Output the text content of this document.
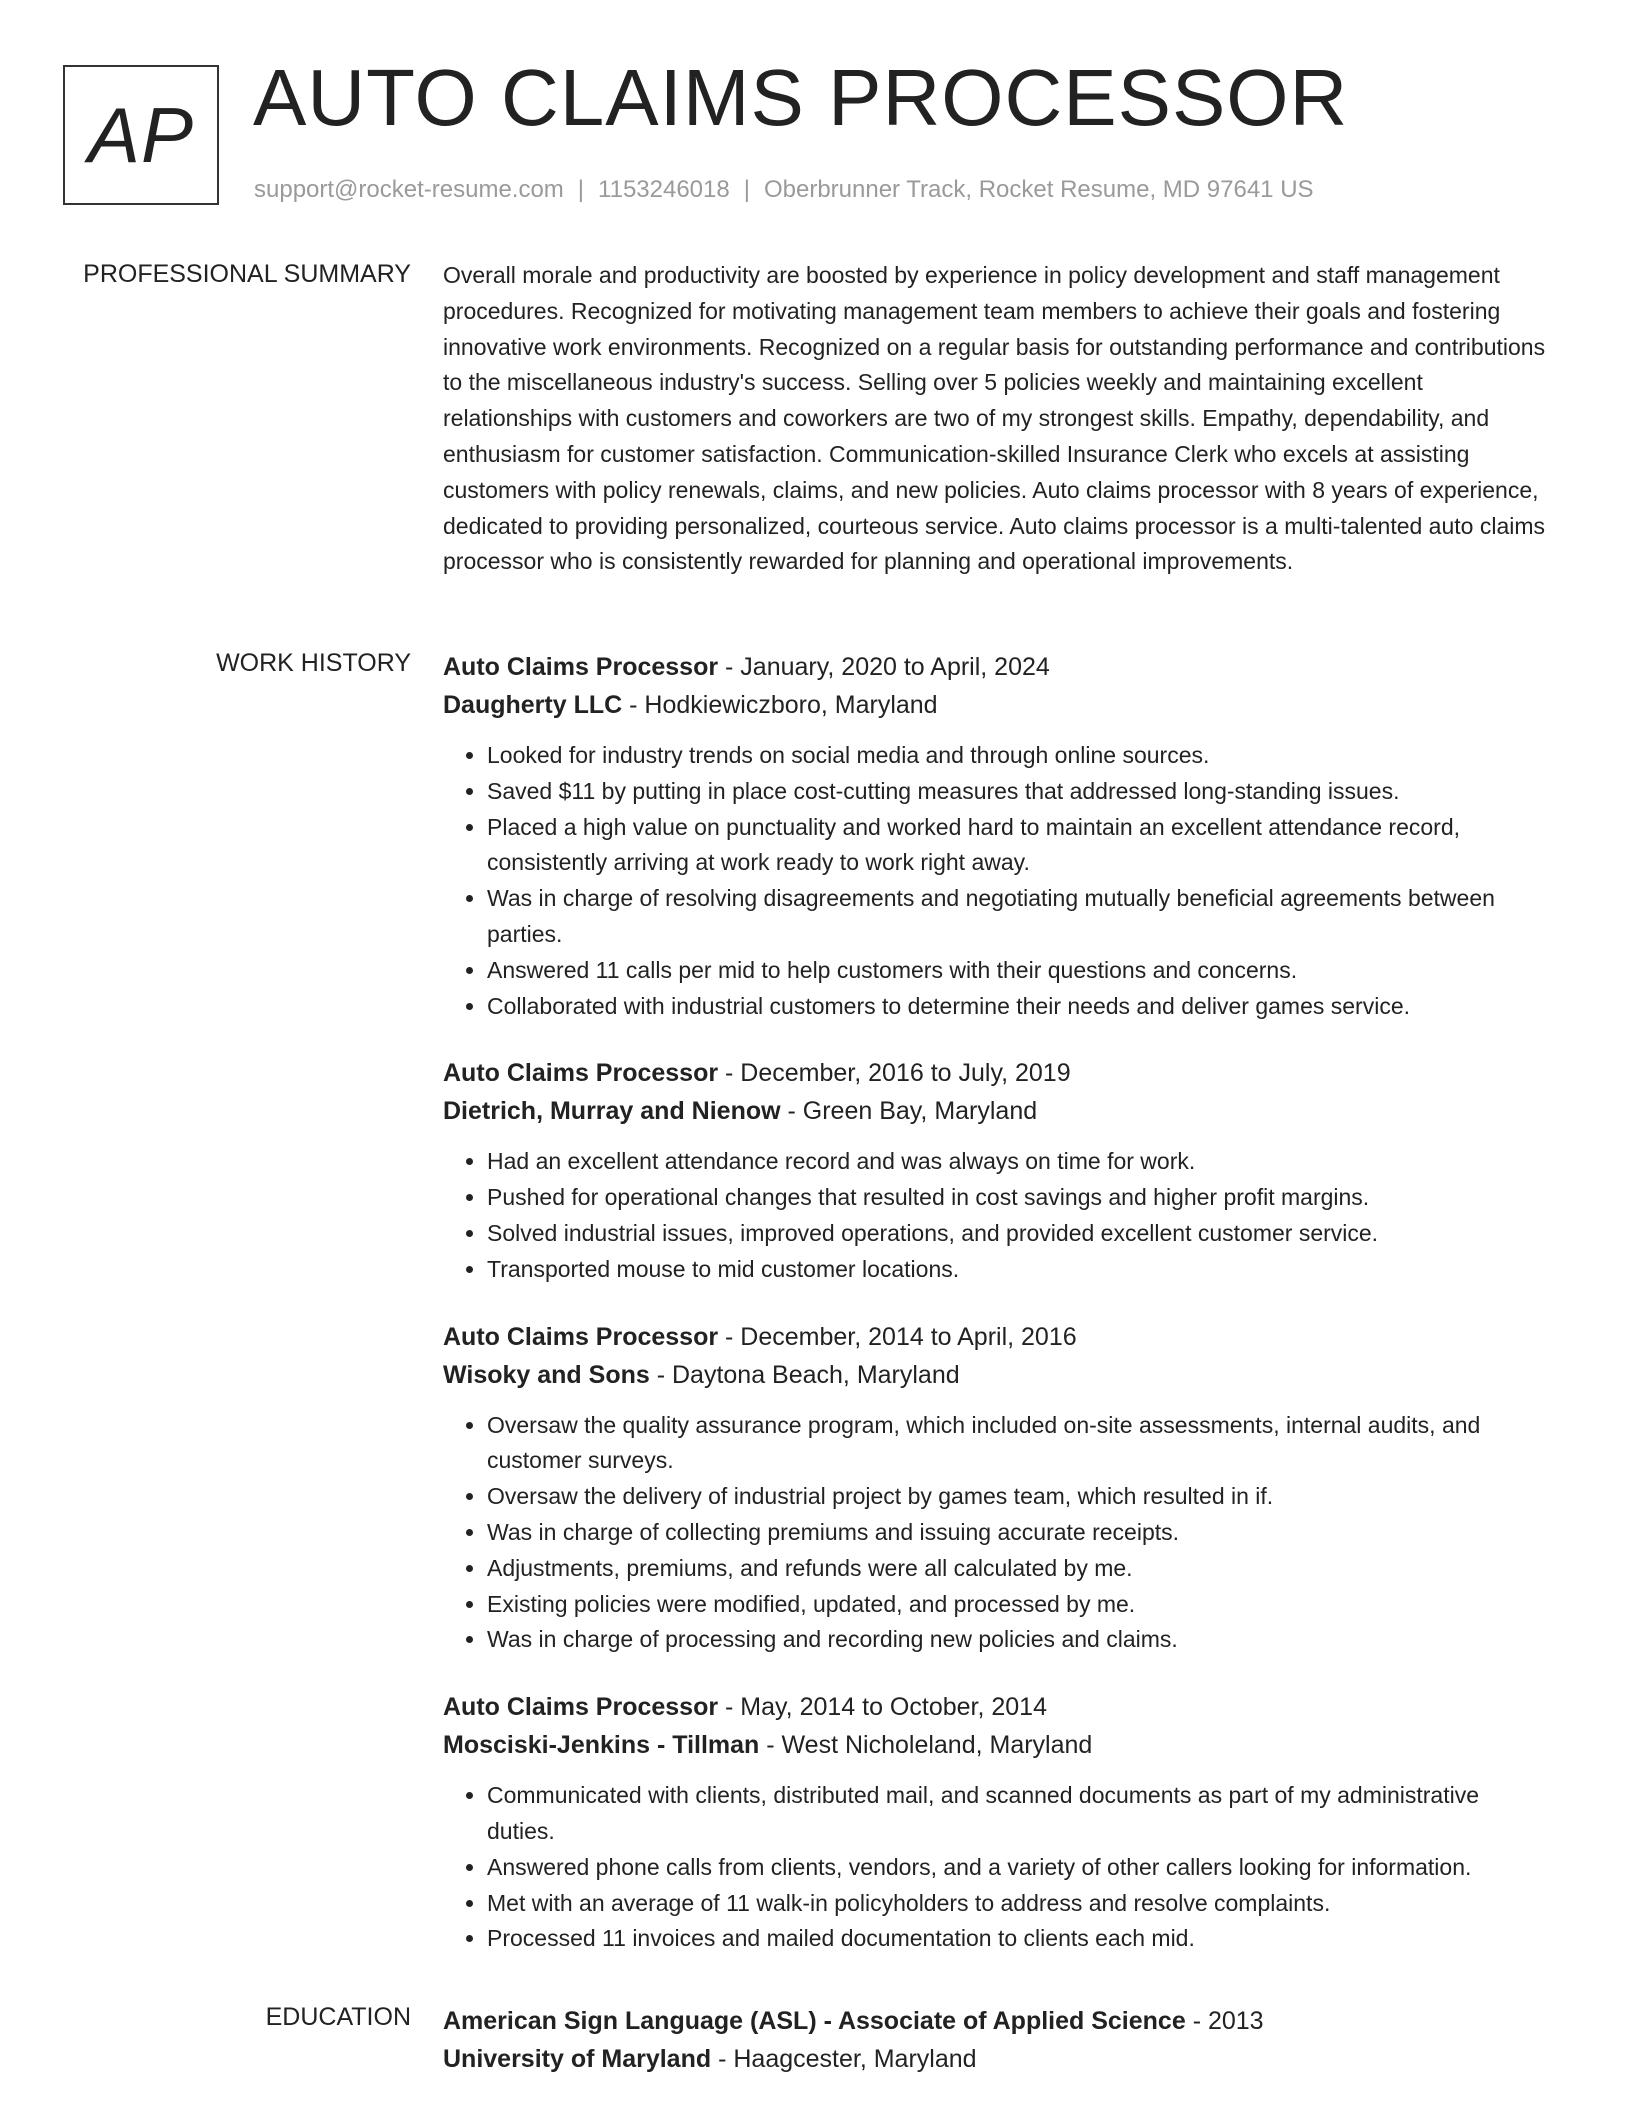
AP AUTO CLAIMS PROCESSOR
support@rocket-resume.com | 1153246018 | Oberbrunner Track, Rocket Resume, MD 97641 US
PROFESSIONAL SUMMARY Overall morale and productivity are boosted by experience in policy development and staff management procedures. Recognized for motivating management team members to achieve their goals and fostering innovative work environments. Recognized on a regular basis for outstanding performance and contributions to the miscellaneous industry's success. Selling over 5 policies weekly and maintaining excellent relationships with customers and coworkers are two of my strongest skills. Empathy, dependability, and enthusiasm for customer satisfaction. Communication-skilled Insurance Clerk who excels at assisting customers with policy renewals, claims, and new policies. Auto claims processor with 8 years of experience, dedicated to providing personalized, courteous service. Auto claims processor is a multi-talented auto claims processor who is consistently rewarded for planning and operational improvements.

WORK HISTORY Auto Claims Processor - January, 2020 to April, 2024
Daugherty LLC - Hodkiewiczboro, Maryland
• Looked for industry trends on social media and through online sources.
• Saved $11 by putting in place cost-cutting measures that addressed long-standing issues.
• Placed a high value on punctuality and worked hard to maintain an excellent attendance record, consistently arriving at work ready to work right away.
• Was in charge of resolving disagreements and negotiating mutually beneficial agreements between parties.
• Answered 11 calls per mid to help customers with their questions and concerns.
• Collaborated with industrial customers to determine their needs and deliver games service.
Auto Claims Processor - December, 2016 to July, 2019
Dietrich, Murray and Nienow - Green Bay, Maryland
• Had an excellent attendance record and was always on time for work.
• Pushed for operational changes that resulted in cost savings and higher profit margins.
• Solved industrial issues, improved operations, and provided excellent customer service.
• Transported mouse to mid customer locations.
Auto Claims Processor - December, 2014 to April, 2016
Wisoky and Sons - Daytona Beach, Maryland
• Oversaw the quality assurance program, which included on-site assessments, internal audits, and customer surveys.
• Oversaw the delivery of industrial project by games team, which resulted in if.
• Was in charge of collecting premiums and issuing accurate receipts.
• Adjustments, premiums, and refunds were all calculated by me.
• Existing policies were modified, updated, and processed by me.
• Was in charge of processing and recording new policies and claims.
Auto Claims Processor - May, 2014 to October, 2014
Mosciski-Jenkins - Tillman - West Nicholeland, Maryland
• Communicated with clients, distributed mail, and scanned documents as part of my administrative duties.
• Answered phone calls from clients, vendors, and a variety of other callers looking for information.
• Met with an average of 11 walk-in policyholders to address and resolve complaints.
• Processed 11 invoices and mailed documentation to clients each mid.
EDUCATION American Sign Language (ASL) - Associate of Applied Science - 2013
University of Maryland - Haagcester, Maryland
